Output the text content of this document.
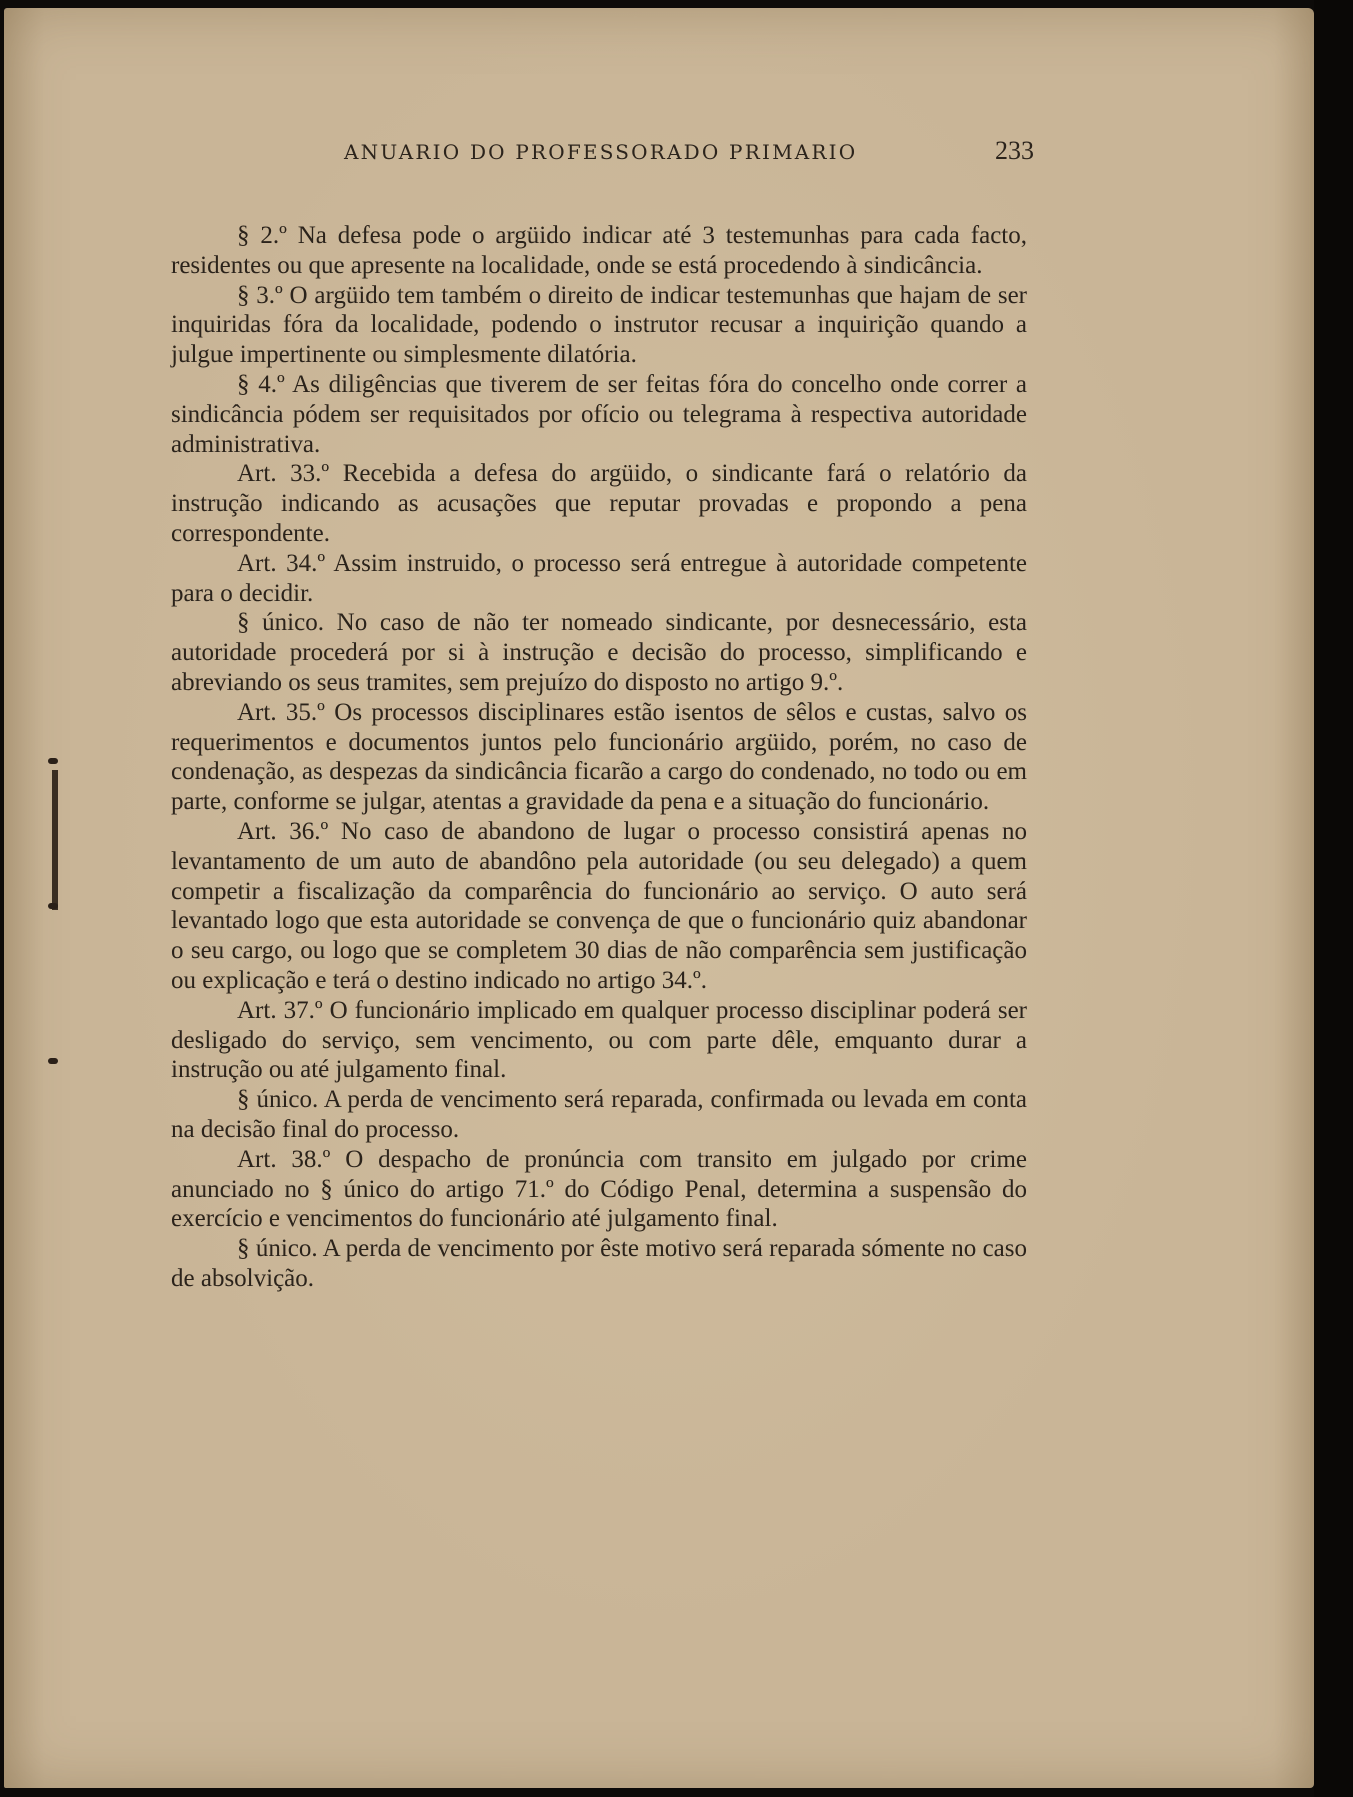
ANUARIO DO PROFESSORADO PRIMARIO	233

§ 2.º Na defesa pode o argüido indicar até 3 testemunhas para cada facto, residentes ou que apresente na localidade, onde se está procedendo à sindicância.

§ 3.º O argüido tem também o direito de indicar testemunhas que hajam de ser inquiridas fóra da localidade, podendo o instrutor recusar a inquirição quando a julgue impertinente ou simplesmente dilatória.

§ 4.º As diligências que tiverem de ser feitas fóra do concelho onde correr a sindicância pódem ser requisitados por ofício ou telegrama à respectiva autoridade administrativa.

Art. 33.º Recebida a defesa do argüido, o sindicante fará o relatório da instrução indicando as acusações que reputar provadas e propondo a pena correspondente.

Art. 34.º Assim instruido, o processo será entregue à autoridade competente para o decidir.

§ único. No caso de não ter nomeado sindicante, por desnecessário, esta autoridade procederá por si à instrução e decisão do processo, simplificando e abreviando os seus tramites, sem prejuízo do disposto no artigo 9.º.

Art. 35.º Os processos disciplinares estão isentos de sêlos e custas, salvo os requerimentos e documentos juntos pelo funcionário argüido, porém, no caso de condenação, as despezas da sindicância ficarão a cargo do condenado, no todo ou em parte, conforme se julgar, atentas a gravidade da pena e a situação do funcionário.

Art. 36.º No caso de abandono de lugar o processo consistirá apenas no levantamento de um auto de abandôno pela autoridade (ou seu delegado) a quem competir a fiscalização da comparência do funcionário ao serviço. O auto será levantado logo que esta autoridade se convença de que o funcionário quiz abandonar o seu cargo, ou logo que se completem 30 dias de não comparência sem justificação ou explicação e terá o destino indicado no artigo 34.º.

Art. 37.º O funcionário implicado em qualquer processo disciplinar poderá ser desligado do serviço, sem vencimento, ou com parte dêle, emquanto durar a instrução ou até julgamento final.

§ único. A perda de vencimento será reparada, confirmada ou levada em conta na decisão final do processo.

Art. 38.º O despacho de pronúncia com transito em julgado por crime anunciado no § único do artigo 71.º do Código Penal, determina a suspensão do exercício e vencimentos do funcionário até julgamento final.

§ único. A perda de vencimento por êste motivo será reparada sómente no caso de absolvição.
